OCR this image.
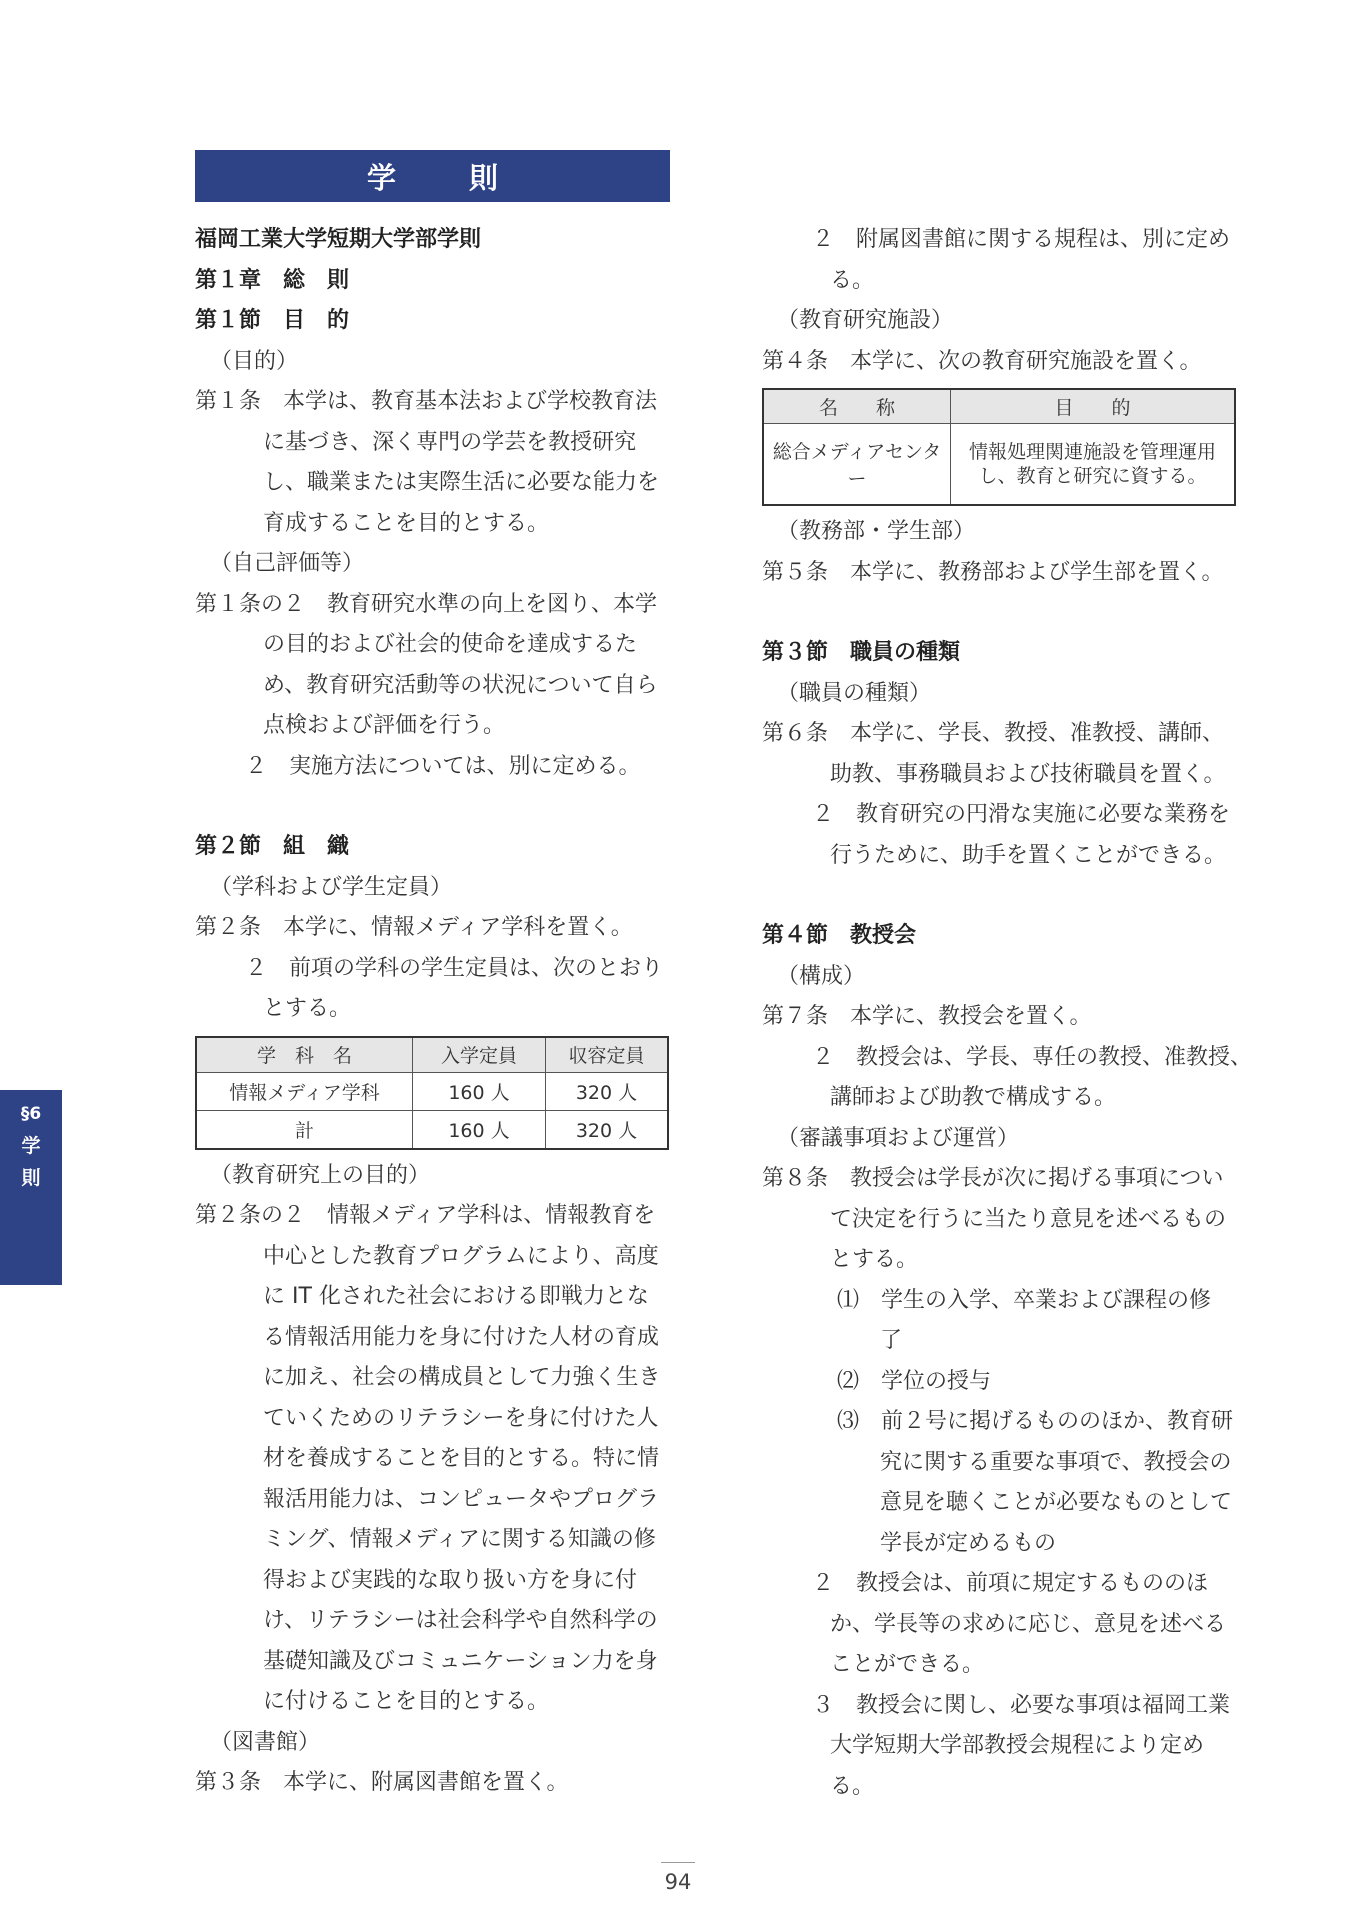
学　則
福岡工業大学短期大学部学則
第１章　総　則
第１節　目　的
（目的）
第１条　本学は、教育基本法および学校教育法
に基づき、深く専門の学芸を教授研究
し、職業または実際生活に必要な能力を
育成することを目的とする。
（自己評価等）
第１条の２　教育研究水準の向上を図り、本学
の目的および社会的使命を達成するた
め、教育研究活動等の状況について自ら
点検および評価を行う。
２　実施方法については、別に定める。
第２節　組　織
（学科および学生定員）
第２条　本学に、情報メディア学科を置く。
２　前項の学科の学生定員は、次のとおり
とする。
学　科　名	入学定員	収容定員
情報メディア学科	160 人	320 人
計	160 人	320 人
（教育研究上の目的）
第２条の２　情報メディア学科は、情報教育を
中心とした教育プログラムにより、高度
に IT 化された社会における即戦力とな
る情報活用能力を身に付けた人材の育成
に加え、社会の構成員として力強く生き
ていくためのリテラシーを身に付けた人
材を養成することを目的とする。特に情
報活用能力は、コンピュータやプログラ
ミング、情報メディアに関する知識の修
得および実践的な取り扱い方を身に付
け、リテラシーは社会科学や自然科学の
基礎知識及びコミュニケーション力を身
に付けることを目的とする。
（図書館）
第３条　本学に、附属図書館を置く。
２　附属図書館に関する規程は、別に定め
る。
（教育研究施設）
第４条　本学に、次の教育研究施設を置く。
名　　称	目　　的
総合メディアセンター	情報処理関連施設を管理運用
し、教育と研究に資する。
（教務部・学生部）
第５条　本学に、教務部および学生部を置く。
第３節　職員の種類
（職員の種類）
第６条　本学に、学長、教授、准教授、講師、
助教、事務職員および技術職員を置く。
２　教育研究の円滑な実施に必要な業務を
行うために、助手を置くことができる。
第４節　教授会
（構成）
第７条　本学に、教授会を置く。
２　教授会は、学長、専任の教授、准教授、
講師および助教で構成する。
（審議事項および運営）
第８条　教授会は学長が次に掲げる事項につい
て決定を行うに当たり意見を述べるもの
とする。
⑴　学生の入学、卒業および課程の修
了
⑵　学位の授与
⑶　前２号に掲げるもののほか、教育研
究に関する重要な事項で、教授会の
意見を聴くことが必要なものとして
学長が定めるもの
２　教授会は、前項に規定するもののほ
か、学長等の求めに応じ、意見を述べる
ことができる。
３　教授会に関し、必要な事項は福岡工業
大学短期大学部教授会規程により定め
る。
§6
学
則
94
